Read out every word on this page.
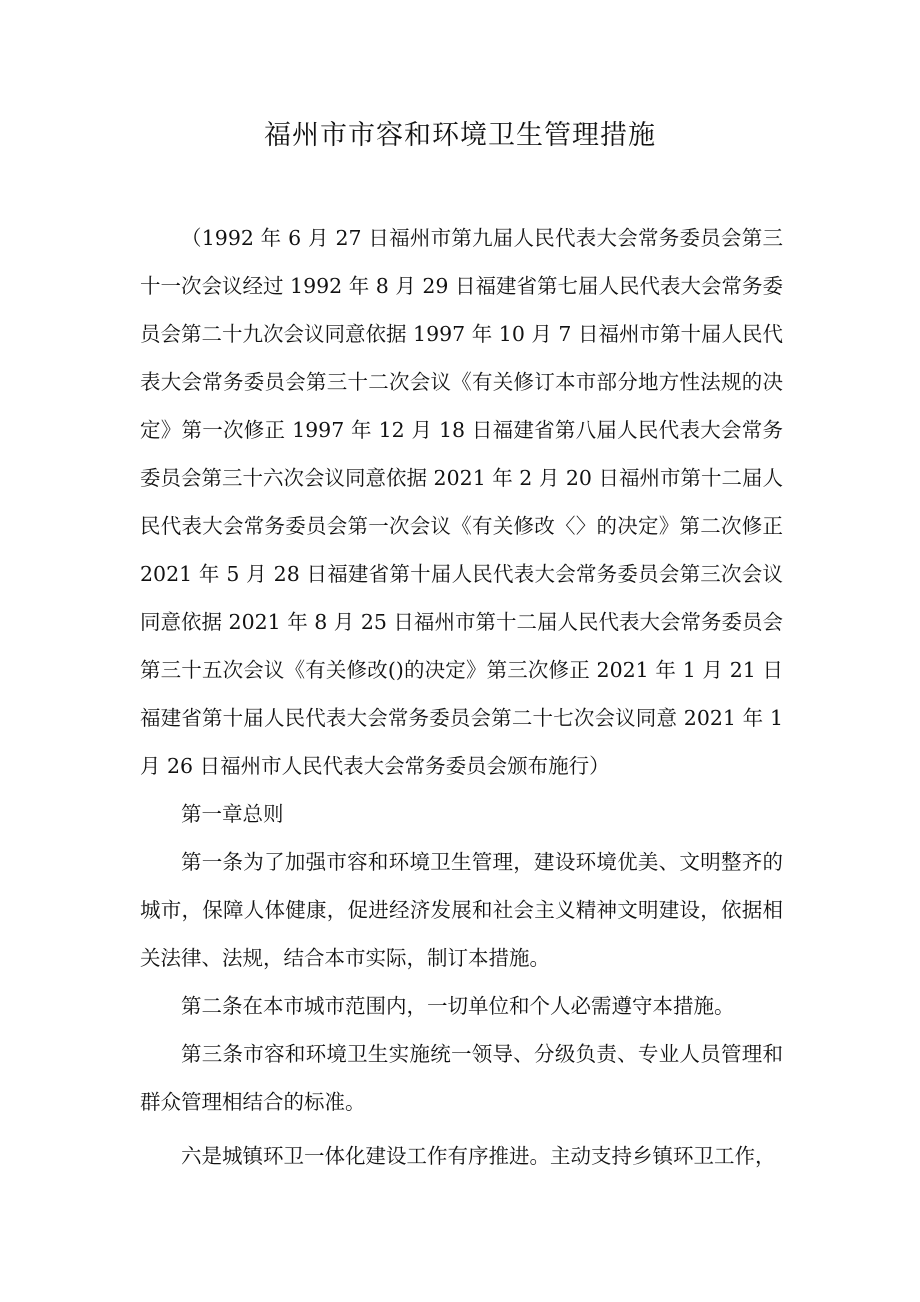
福州市市容和环境卫生管理措施

（1992 年 6 月 27 日福州市第九届人民代表大会常务委员会第三十一次会议经过 1992 年 8 月 29 日福建省第七届人民代表大会常务委员会第二十九次会议同意依据 1997 年 10 月 7 日福州市第十届人民代表大会常务委员会第三十二次会议《有关修订本市部分地方性法规的决定》第一次修正 1997 年 12 月 18 日福建省第八届人民代表大会常务委员会第三十六次会议同意依据 2021 年 2 月 20 日福州市第十二届人民代表大会常务委员会第一次会议《有关修改〈〉的决定》第二次修正 2021 年 5 月 28 日福建省第十届人民代表大会常务委员会第三次会议同意依据 2021 年 8 月 25 日福州市第十二届人民代表大会常务委员会第三十五次会议《有关修改()的决定》第三次修正 2021 年 1 月 21 日福建省第十届人民代表大会常务委员会第二十七次会议同意 2021 年 1 月 26 日福州市人民代表大会常务委员会颁布施行）

第一章总则

第一条为了加强市容和环境卫生管理，建设环境优美、文明整齐的城市，保障人体健康，促进经济发展和社会主义精神文明建设，依据相关法律、法规，结合本市实际，制订本措施。

第二条在本市城市范围内，一切单位和个人必需遵守本措施。

第三条市容和环境卫生实施统一领导、分级负责、专业人员管理和群众管理相结合的标准。

六是城镇环卫一体化建设工作有序推进。主动支持乡镇环卫工作，
